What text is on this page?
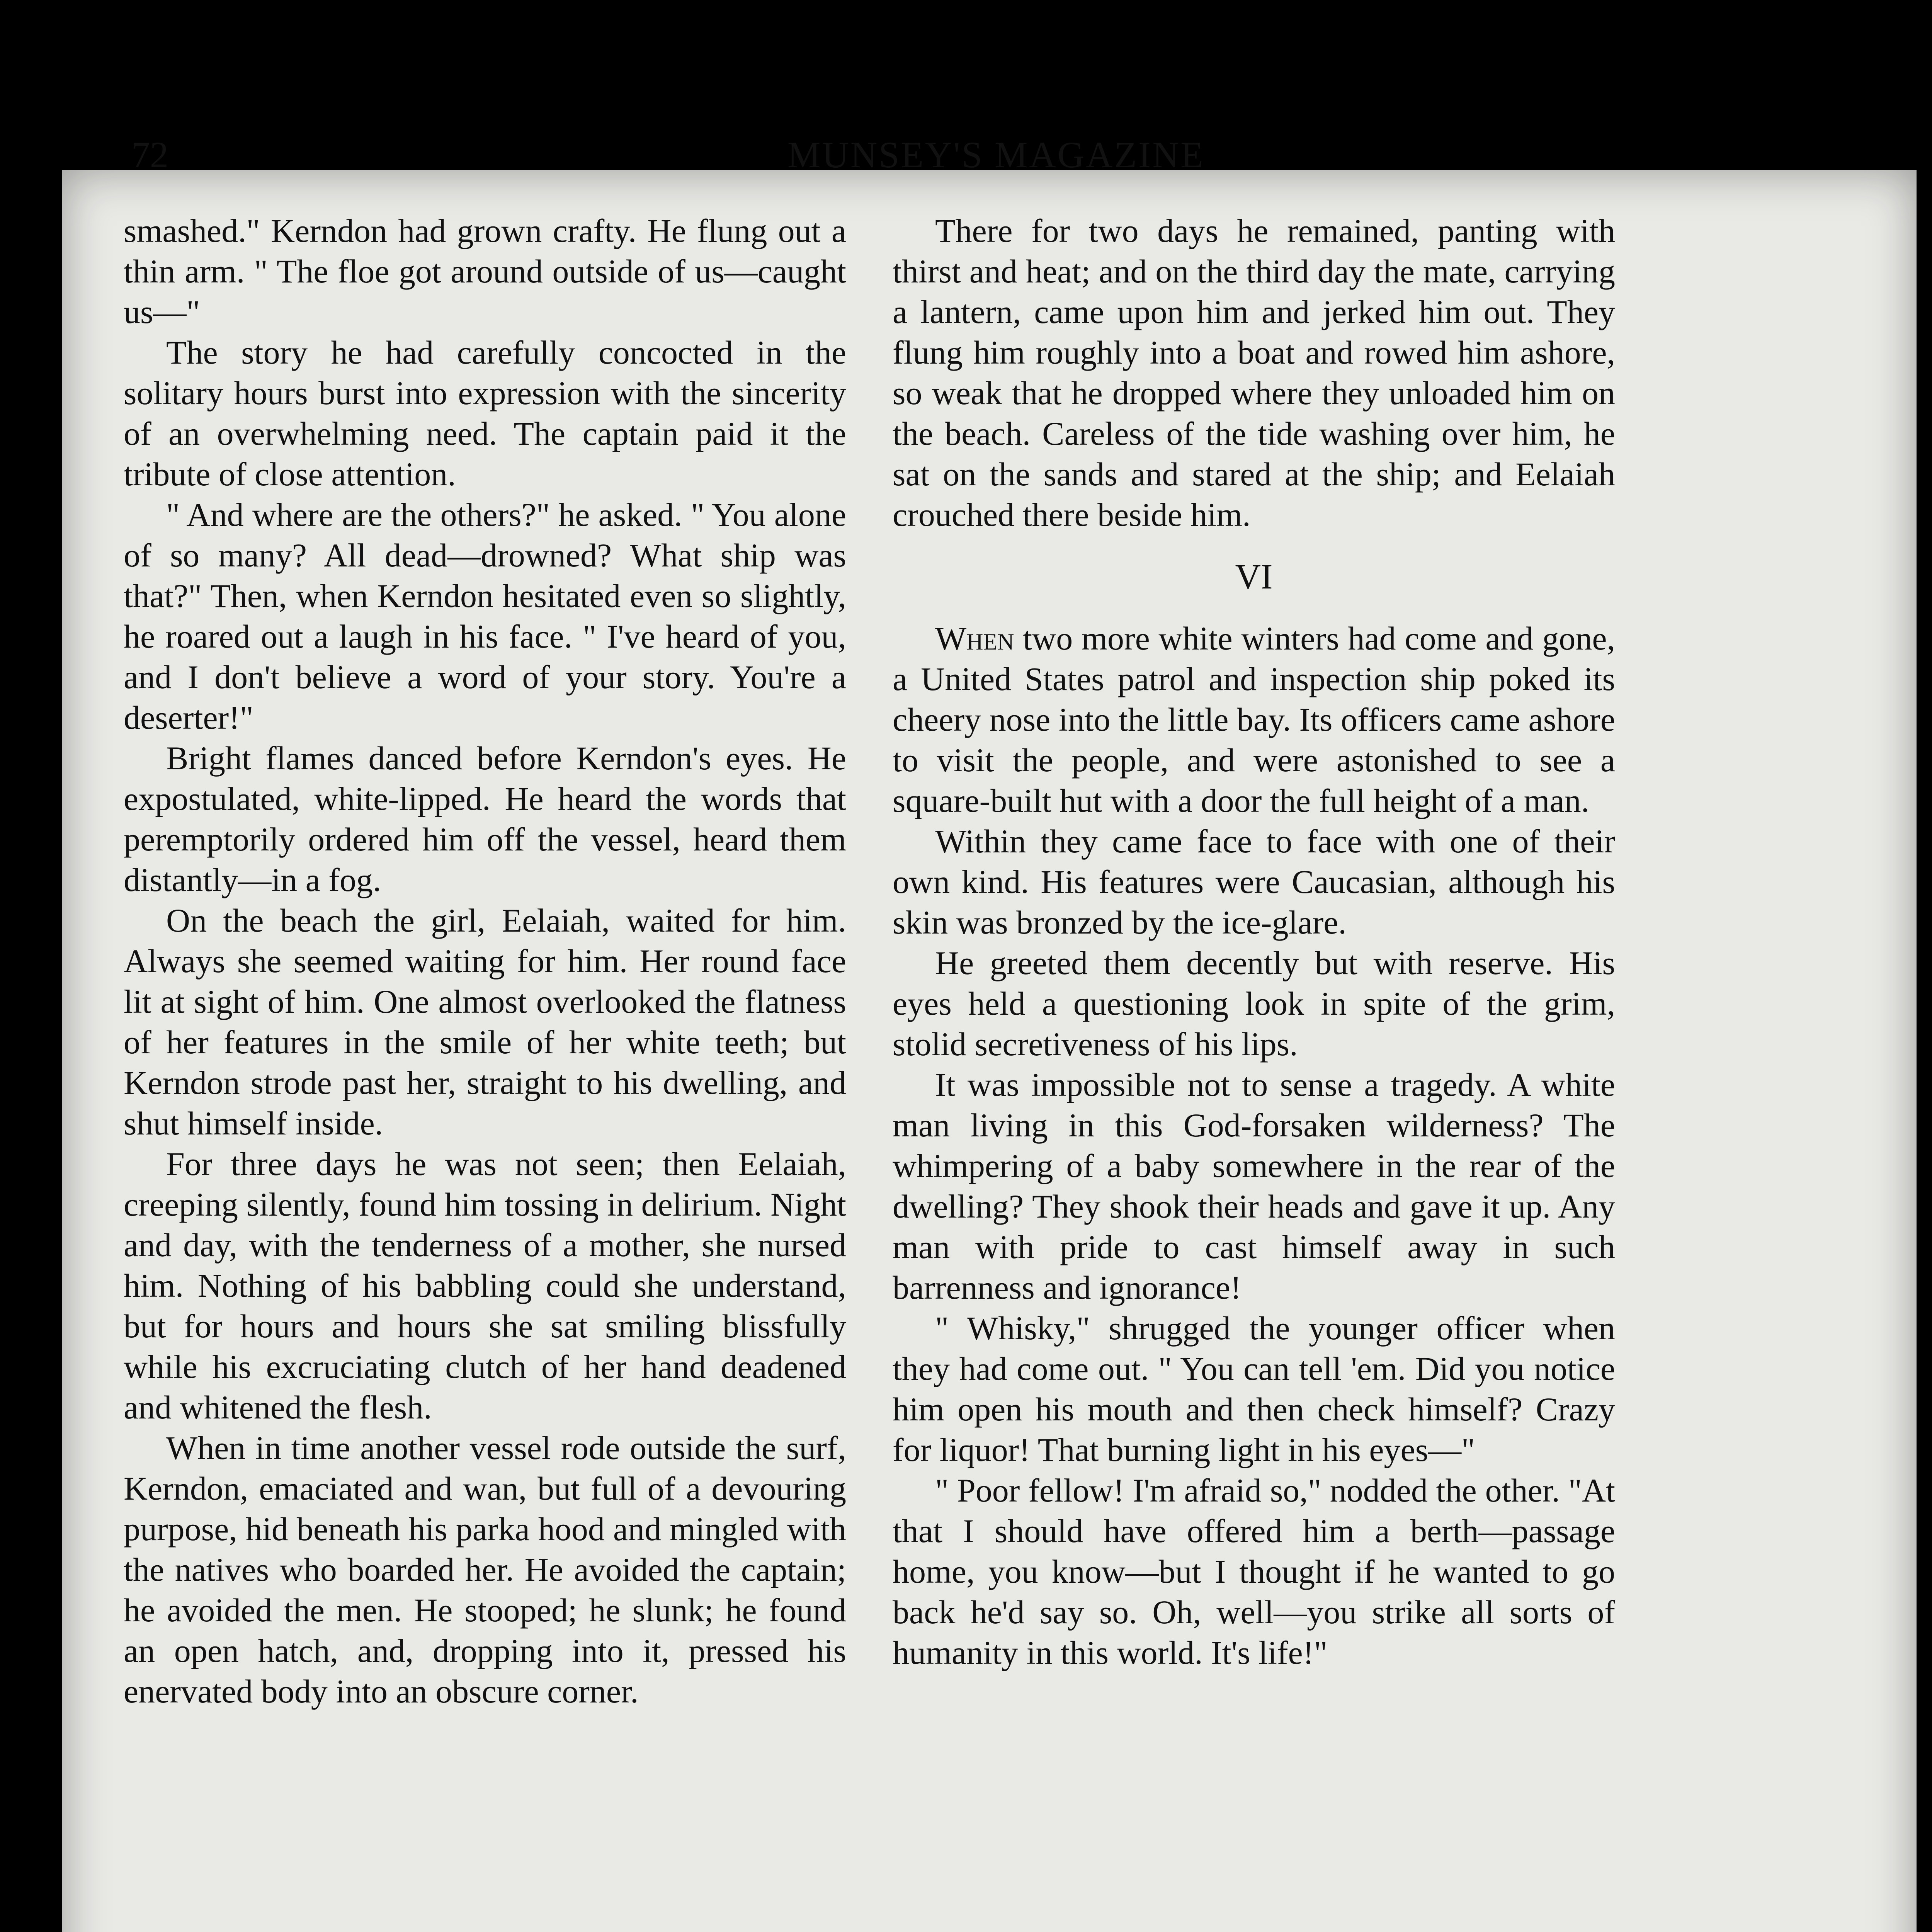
72	MUNSEY'S MAGAZINE

smashed." Kerndon had grown crafty. He flung out a thin arm. " The floe got around outside of us—caught us—"

The story he had carefully concocted in the solitary hours burst into expression with the sincerity of an overwhelming need. The captain paid it the tribute of close attention.

" And where are the others?" he asked. " You alone of so many? All dead—drowned? What ship was that?" Then, when Kerndon hesitated even so slightly, he roared out a laugh in his face. " I've heard of you, and I don't believe a word of your story. You're a deserter!"

Bright flames danced before Kerndon's eyes. He expostulated, white-lipped. He heard the words that peremptorily ordered him off the vessel, heard them distantly—in a fog.

On the beach the girl, Eelaiah, waited for him. Always she seemed waiting for him. Her round face lit at sight of him. One almost overlooked the flatness of her features in the smile of her white teeth; but Kerndon strode past her, straight to his dwelling, and shut himself inside.

For three days he was not seen; then Eelaiah, creeping silently, found him tossing in delirium. Night and day, with the tenderness of a mother, she nursed him. Nothing of his babbling could she understand, but for hours and hours she sat smiling blissfully while his excruciating clutch of her hand deadened and whitened the flesh.

When in time another vessel rode outside the surf, Kerndon, emaciated and wan, but full of a devouring purpose, hid beneath his parka hood and mingled with the natives who boarded her. He avoided the captain; he avoided the men. He stooped; he slunk; he found an open hatch, and, dropping into it, pressed his enervated body into an obscure corner.

There for two days he remained, panting with thirst and heat; and on the third day the mate, carrying a lantern, came upon him and jerked him out. They flung him roughly into a boat and rowed him ashore, so weak that he dropped where they unloaded him on the beach. Careless of the tide washing over him, he sat on the sands and stared at the ship; and Eelaiah crouched there beside him.

VI

When two more white winters had come and gone, a United States patrol and inspection ship poked its cheery nose into the little bay. Its officers came ashore to visit the people, and were astonished to see a square-built hut with a door the full height of a man.

Within they came face to face with one of their own kind. His features were Caucasian, although his skin was bronzed by the ice-glare.

He greeted them decently but with reserve. His eyes held a questioning look in spite of the grim, stolid secretiveness of his lips.

It was impossible not to sense a tragedy. A white man living in this God-forsaken wilderness? The whimpering of a baby somewhere in the rear of the dwelling? They shook their heads and gave it up. Any man with pride to cast himself away in such barrenness and ignorance!

" Whisky," shrugged the younger officer when they had come out. " You can tell 'em. Did you notice him open his mouth and then check himself? Crazy for liquor! That burning light in his eyes—"

" Poor fellow! I'm afraid so," nodded the other. "At that I should have offered him a berth—passage home, you know—but I thought if he wanted to go back he'd say so. Oh, well—you strike all sorts of humanity in this world. It's life!"
